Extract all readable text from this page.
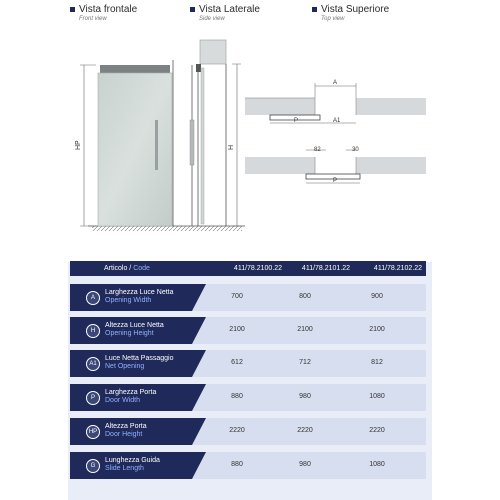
Vista frontale
Front view
Vista Laterale
Side view
Vista Superiore
Top view
HP	H
A
P	A1
82	30
P
Articolo / Code	411/78.2100.22	411/78.2101.22	411/78.2102.22
A
Larghezza Luce Netta
Opening Width
700	800	900
H
Altezza Luce Netta
Opening Height
2100	2100	2100
A1
Luce Netta Passaggio
Net Opening
612	712	812
P
Larghezza Porta
Door Width
880	980	1080
HP
Altezza Porta
Door Height
2220	2220	2220
G
Lunghezza Guida
Slide Length
880	980	1080
